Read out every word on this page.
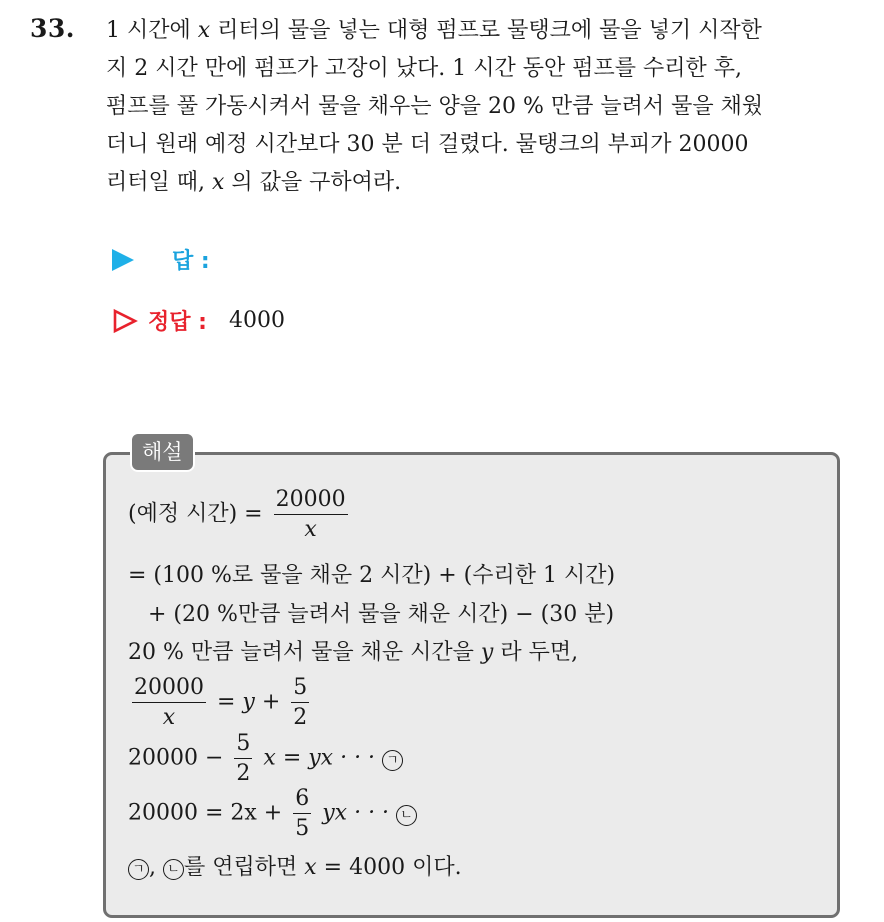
33. 1 시간에 x 리터의 물을 넣는 대형 펌프로 물탱크에 물을 넣기 시작한
지 2 시간 만에 펌프가 고장이 났다. 1 시간 동안 펌프를 수리한 후,
펌프를 풀 가동시켜서 물을 채우는 양을 20 % 만큼 늘려서 물을 채웠
더니 원래 예정 시간보다 30 분 더 걸렸다. 물탱크의 부피가 20000
리터일 때, x 의 값을 구하여라.
답 :
정답 : 4000
해설
(예정 시간) = $\frac{20000}{x}$
= (100 %로 물을 채운 2 시간) + (수리한 1 시간)
+ (20 %만큼 늘려서 물을 채운 시간) − (30 분)
20 % 만큼 늘려서 물을 채운 시간을 y 라 두면,
$\frac{20000}{x} = y + \frac{5}{2}$
$20000 - \frac{5}{2}$ x = yx · · · ㄱ
$20000 = 2x + \frac{6}{5}$ yx · · · ㄴ
ㄱ , ㄴ 를 연립하면 x = 4000 이다.
